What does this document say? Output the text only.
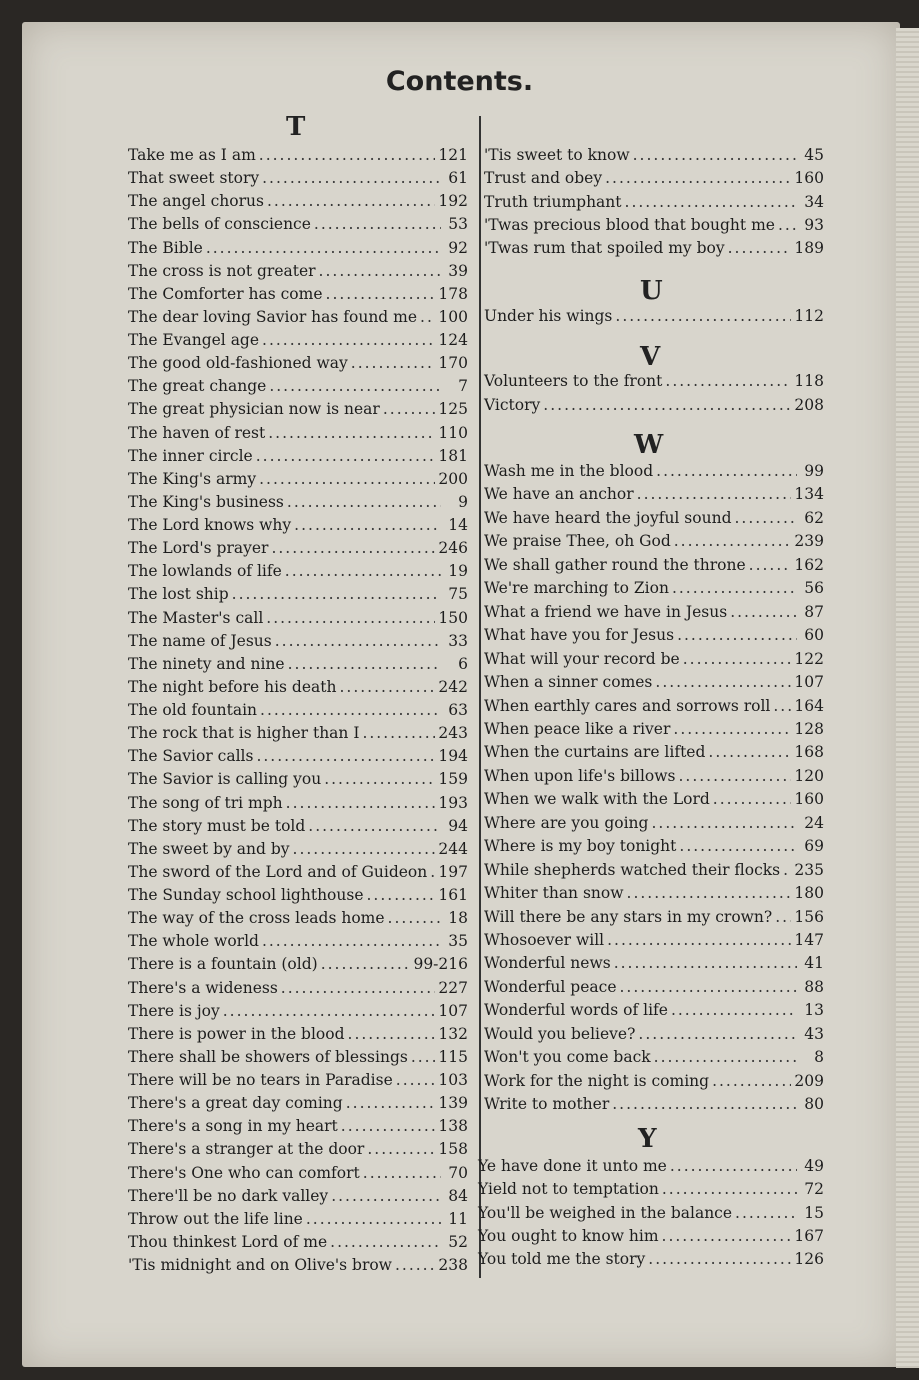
Contents.
T
Take me as I am .....	121
That sweet story .....	61
The angel chorus .....	192
The bells of conscience .....	53
The Bible .....	92
The cross is not greater .....	39
The Comforter has come .....	178
The dear loving Savior has found me ..... 100
The Evangel age .....	124
The good old-fashioned way .....	170
The great change .....	7
The great physician now is near .....	125
The haven of rest .....	110
The inner circle .....	181
The King's army .....	200
The King's business .....	9
The Lord knows why .....	14
The Lord's prayer .....	246
The lowlands of life .....	19
The lost ship .....	75
The Master's call .....	150
The name of Jesus .....	33
The ninety and nine .....	6
The night before his death .....	242
The old fountain .....	63
The rock that is higher than I .....	243
The Savior calls .....	194
The Savior is calling you .....	159
The song of tri mph .....	193
The story must be told .....	94
The sweet by and by .....	244
The sword of the Lord and of Guideon ..... 197
The Sunday school lighthouse .....	161
The way of the cross leads home .....	18
The whole world .....	35
There is a fountain (old) .....	99-216
There's a wideness .....	227
There is joy .....	107
There is power in the blood .....	132
There shall be showers of blessings ..... 115
There will be no tears in Paradise .....	103
There's a great day coming .....	139
There's a song in my heart .....	138
There's a stranger at the door .....	158
There's One who can comfort .....	70
There'll be no dark valley .....	84
Throw out the life line .....	11
Thou thinkest Lord of me .....	52
'Tis midnight and on Olive's brow .....	238
'Tis sweet to know .....	45
Trust and obey .....	160
Truth triumphant .....	34
'Twas precious blood that bought me ..... 93
'Twas rum that spoiled my boy .....	189
U
Under his wings .....	112
V
Volunteers to the front .....	118
Victory .....	208
W
Wash me in the blood .....	99
We have an anchor .....	134
We have heard the joyful sound .....	62
We praise Thee, oh God .....	239
We shall gather round the throne .....	162
We're marching to Zion .....	56
What a friend we have in Jesus .....	87
What have you for Jesus .....	60
What will your record be .....	122
When a sinner comes .....	107
When earthly cares and sorrows roll ..... 164
When peace like a river .....	128
When the curtains are lifted .....	168
When upon life's billows .....	120
When we walk with the Lord .....	160
Where are you going .....	24
Where is my boy tonight .....	69
While shepherds watched their flocks ..... 235
Whiter than snow .....	180
Will there be any stars in my crown? ..... 156
Whosoever will .....	147
Wonderful news .....	41
Wonderful peace .....	88
Wonderful words of life .....	13
Would you believe? .....	43
Won't you come back .....	8
Work for the night is coming .....	209
Write to mother .....	80
Y
Ye have done it unto me .....	49
Yield not to temptation .....	72
You'll be weighed in the balance .....	15
You ought to know him .....	167
You told me the story .....	126
